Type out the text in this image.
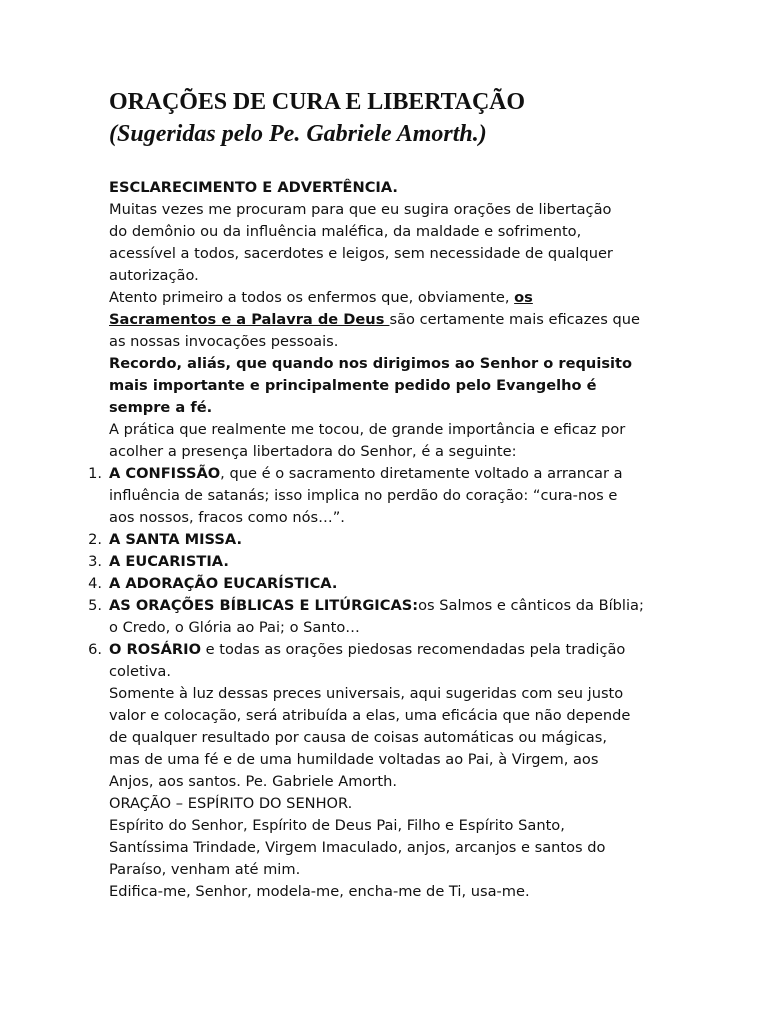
ORAÇÕES DE CURA E LIBERTAÇÃO
(Sugeridas pelo Pe. Gabriele Amorth.)
ESCLARECIMENTO E ADVERTÊNCIA.
Muitas vezes me procuram para que eu sugira orações de libertação
do demônio ou da influência maléfica, da maldade e sofrimento,
acessível a todos, sacerdotes e leigos, sem necessidade de qualquer
autorização.
Atento primeiro a todos os enfermos que, obviamente, os
Sacramentos e a Palavra de Deus são certamente mais eficazes que
as nossas invocações pessoais.
Recordo, aliás, que quando nos dirigimos ao Senhor o requisito
mais importante e principalmente pedido pelo Evangelho é
sempre a fé.
A prática que realmente me tocou, de grande importância e eficaz por
acolher a presença libertadora do Senhor, é a seguinte:
1. A CONFISSÃO, que é o sacramento diretamente voltado a arrancar a
influência de satanás; isso implica no perdão do coração: “cura-nos e
aos nossos, fracos como nós…”.
2. A SANTA MISSA.
3. A EUCARISTIA.
4. A ADORAÇÃO EUCARÍSTICA.
5. AS ORAÇÕES BÍBLICAS E LITÚRGICAS:os Salmos e cânticos da Bíblia;
o Credo, o Glória ao Pai; o Santo…
6. O ROSÁRIO e todas as orações piedosas recomendadas pela tradição
coletiva.
Somente à luz dessas preces universais, aqui sugeridas com seu justo
valor e colocação, será atribuída a elas, uma eficácia que não depende
de qualquer resultado por causa de coisas automáticas ou mágicas,
mas de uma fé e de uma humildade voltadas ao Pai, à Virgem, aos
Anjos, aos santos. Pe. Gabriele Amorth.
ORAÇÃO – ESPÍRITO DO SENHOR.
Espírito do Senhor, Espírito de Deus Pai, Filho e Espírito Santo,
Santíssima Trindade, Virgem Imaculado, anjos, arcanjos e santos do
Paraíso, venham até mim.
Edifica-me, Senhor, modela-me, encha-me de Ti, usa-me.
